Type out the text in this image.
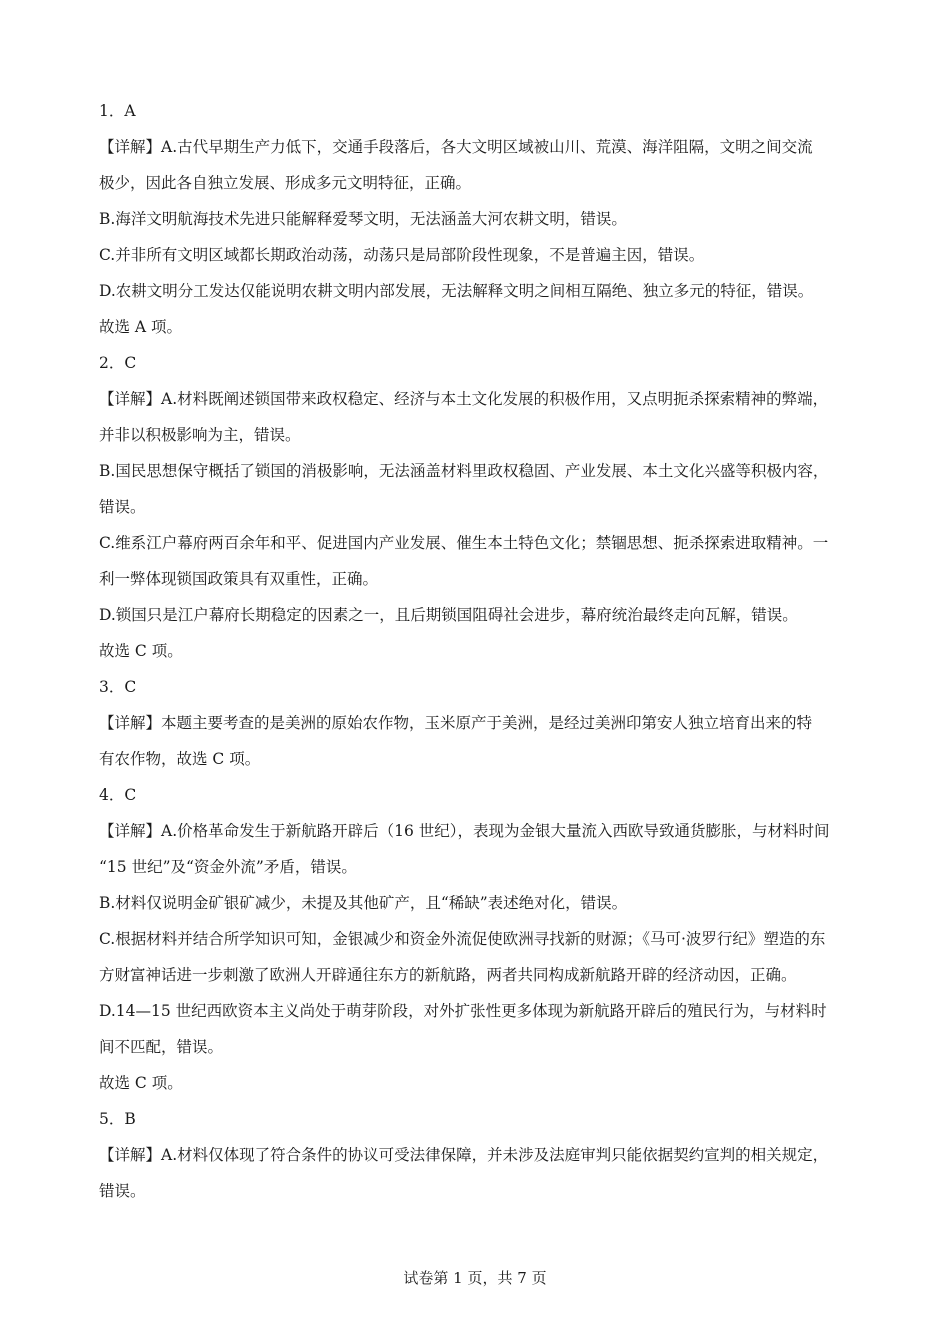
1．A
【详解】A.古代早期生产力低下，交通手段落后，各大文明区域被山川、荒漠、海洋阻隔，文明之间交流
极少，因此各自独立发展、形成多元文明特征，正确。
B.海洋文明航海技术先进只能解释爱琴文明，无法涵盖大河农耕文明，错误。
C.并非所有文明区域都长期政治动荡，动荡只是局部阶段性现象，不是普遍主因，错误。
D.农耕文明分工发达仅能说明农耕文明内部发展，无法解释文明之间相互隔绝、独立多元的特征，错误。
故选 A 项。
2．C
【详解】A.材料既阐述锁国带来政权稳定、经济与本土文化发展的积极作用，又点明扼杀探索精神的弊端，
并非以积极影响为主，错误。
B.国民思想保守概括了锁国的消极影响，无法涵盖材料里政权稳固、产业发展、本土文化兴盛等积极内容，
错误。
C.维系江户幕府两百余年和平、促进国内产业发展、催生本土特色文化；禁锢思想、扼杀探索进取精神。一
利一弊体现锁国政策具有双重性，正确。
D.锁国只是江户幕府长期稳定的因素之一，且后期锁国阻碍社会进步，幕府统治最终走向瓦解，错误。
故选 C 项。
3．C
【详解】本题主要考查的是美洲的原始农作物，玉米原产于美洲，是经过美洲印第安人独立培育出来的特
有农作物，故选 C 项。
4．C
【详解】A.价格革命发生于新航路开辟后（16 世纪），表现为金银大量流入西欧导致通货膨胀，与材料时间
“15 世纪”及“资金外流”矛盾，错误。
B.材料仅说明金矿银矿减少，未提及其他矿产，且“稀缺”表述绝对化，错误。
C.根据材料并结合所学知识可知，金银减少和资金外流促使欧洲寻找新的财源；《马可·波罗行纪》塑造的东
方财富神话进一步刺激了欧洲人开辟通往东方的新航路，两者共同构成新航路开辟的经济动因，正确。
D.14—15 世纪西欧资本主义尚处于萌芽阶段，对外扩张性更多体现为新航路开辟后的殖民行为，与材料时
间不匹配，错误。
故选 C 项。
5．B
【详解】A.材料仅体现了符合条件的协议可受法律保障，并未涉及法庭审判只能依据契约宣判的相关规定，
错误。
试卷第 1 页，共 7 页
